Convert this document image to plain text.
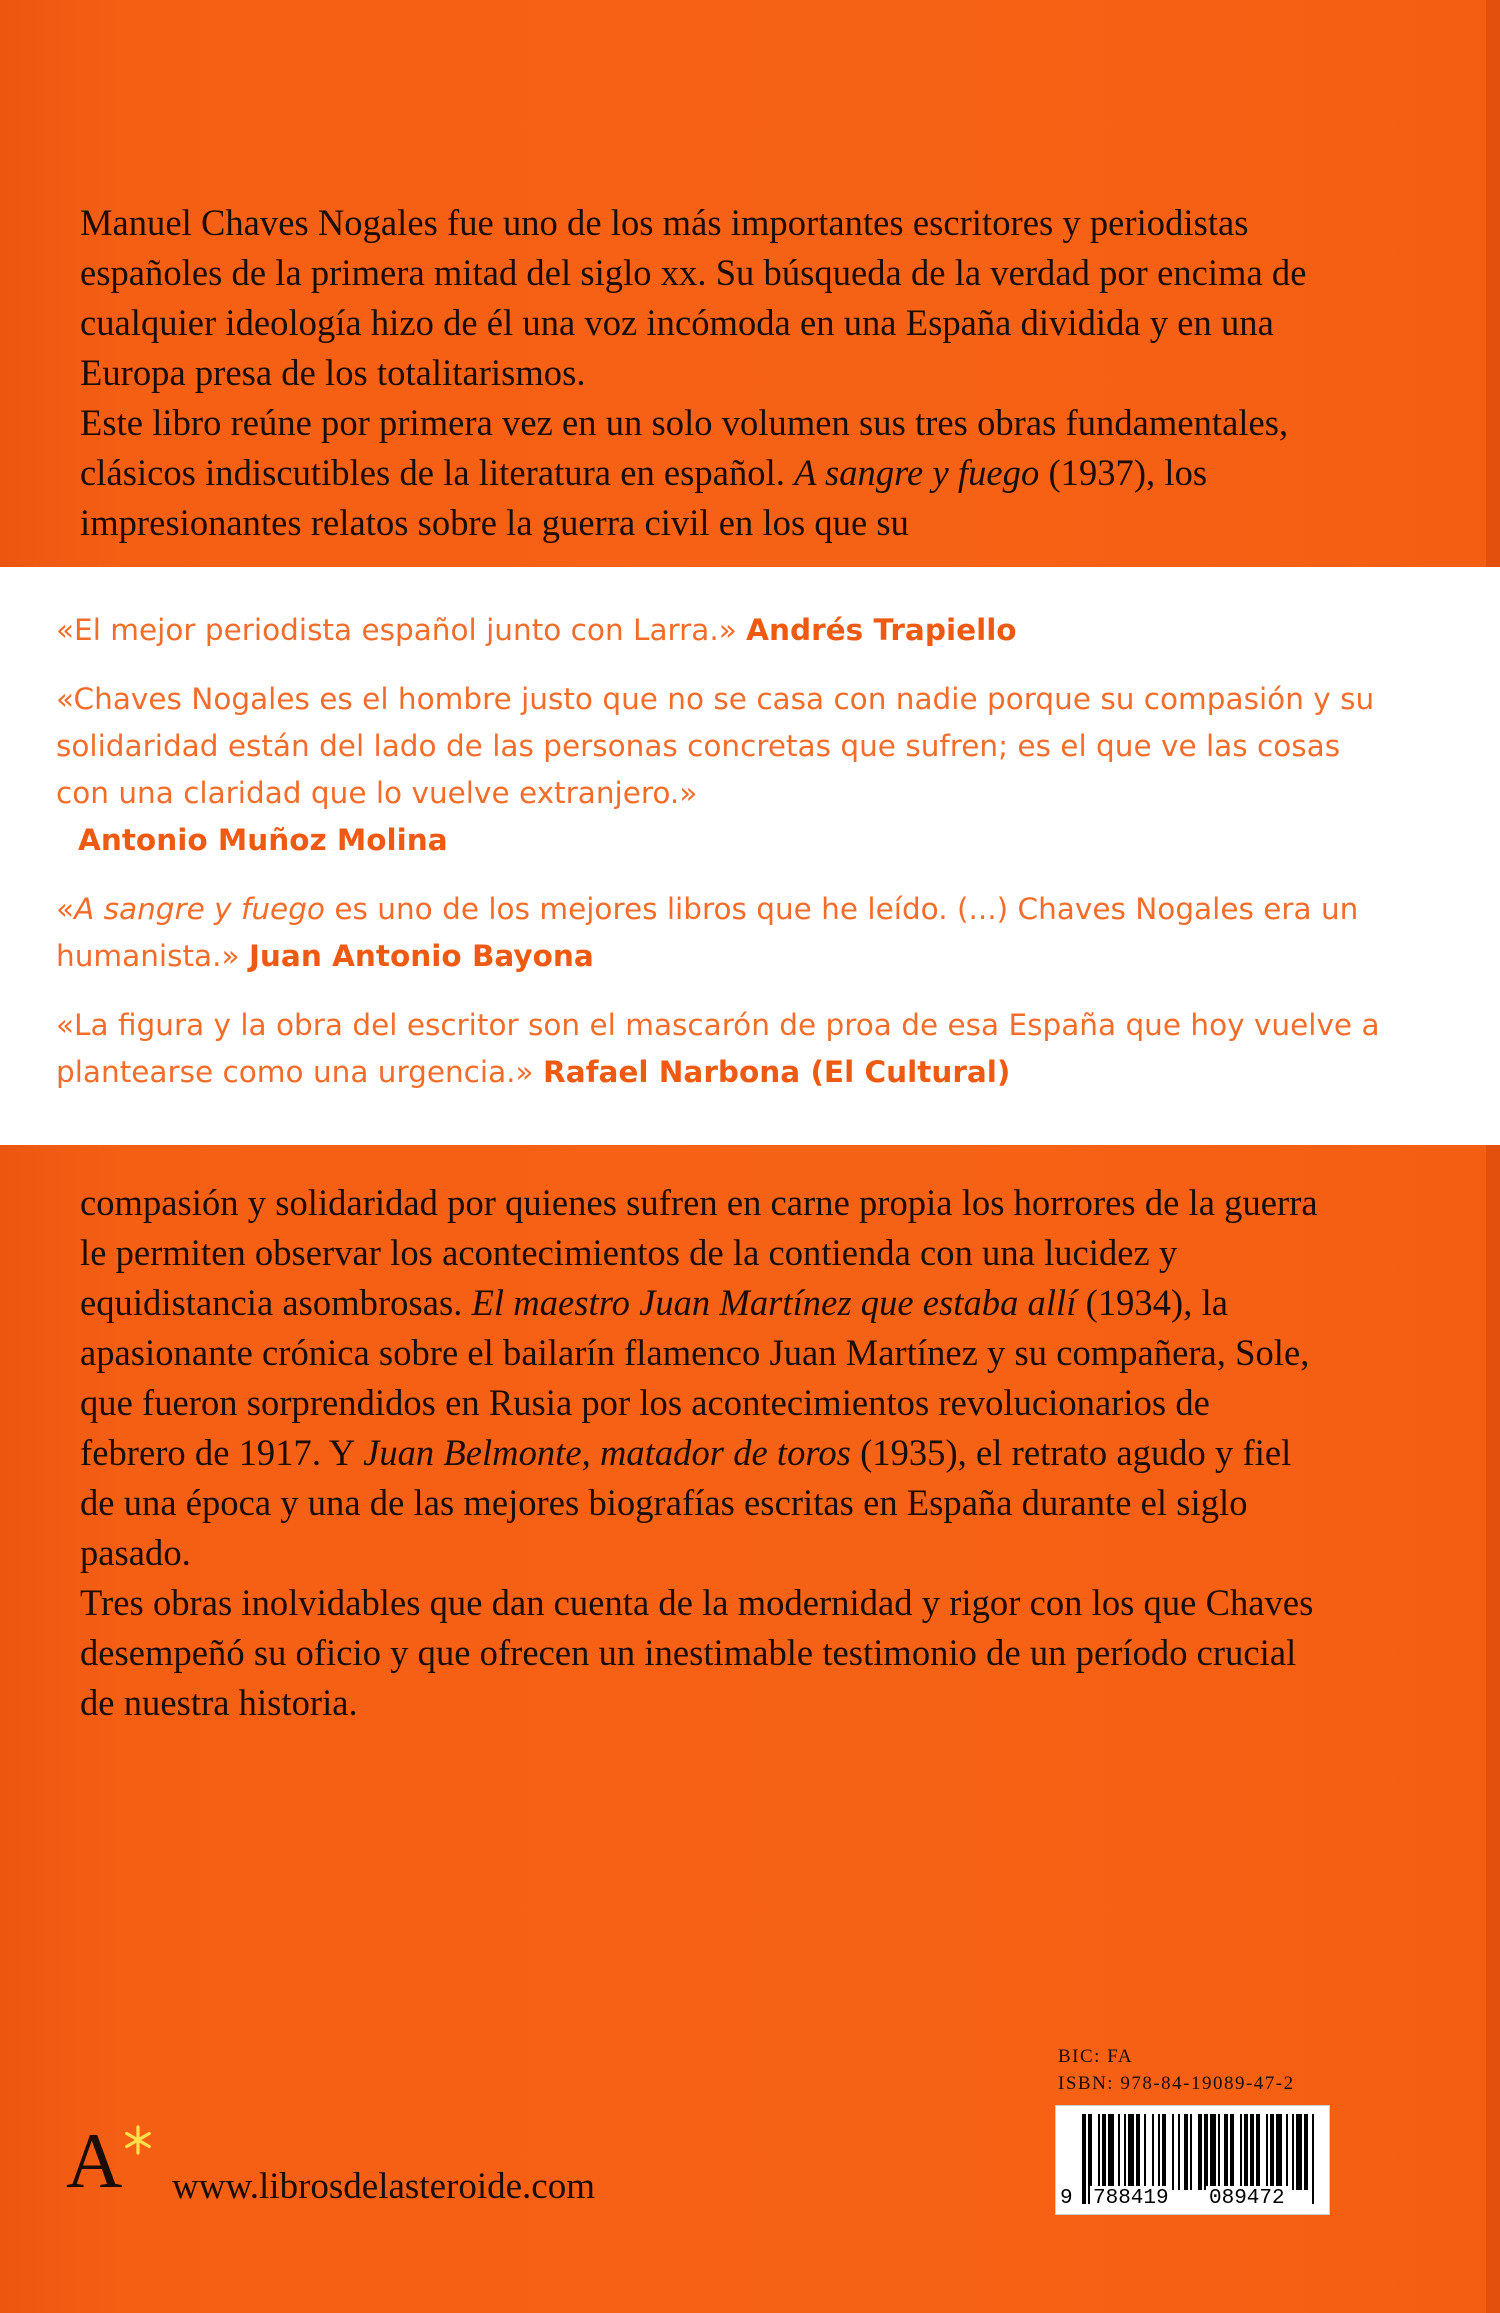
Manuel Chaves Nogales fue uno de los más importantes escritores y periodistas españoles de la primera mitad del siglo xx. Su búsqueda de la verdad por encima de cualquier ideología hizo de él una voz incómoda en una España dividida y en una Europa presa de los totalitarismos.

Este libro reúne por primera vez en un solo volumen sus tres obras fundamentales, clásicos indiscutibles de la literatura en español. A sangre y fuego (1937), los impresionantes relatos sobre la guerra civil en los que su

«El mejor periodista español junto con Larra.» Andrés Trapiello

«Chaves Nogales es el hombre justo que no se casa con nadie porque su compasión y su solidaridad están del lado de las personas concretas que sufren; es el que ve las cosas con una claridad que lo vuelve extranjero.»
Antonio Muñoz Molina

«A sangre y fuego es uno de los mejores libros que he leído. (...) Chaves Nogales era un humanista.» Juan Antonio Bayona

«La figura y la obra del escritor son el mascarón de proa de esa España que hoy vuelve a plantearse como una urgencia.» Rafael Narbona (El Cultural)

compasión y solidaridad por quienes sufren en carne propia los horrores de la guerra le permiten observar los acontecimientos de la contienda con una lucidez y equidistancia asombrosas. El maestro Juan Martínez que estaba allí (1934), la apasionante crónica sobre el bailarín flamenco Juan Martínez y su compañera, Sole, que fueron sorprendidos en Rusia por los acontecimientos revolucionarios de febrero de 1917. Y Juan Belmonte, matador de toros (1935), el retrato agudo y fiel de una época y una de las mejores biografías escritas en España durante el siglo pasado.

Tres obras inolvidables que dan cuenta de la modernidad y rigor con los que Chaves desempeñó su oficio y que ofrecen un inestimable testimonio de un período crucial de nuestra historia.

A www.librosdelasteroide.com
BIC: FA
ISBN: 978-84-19089-47-2
9 788419 089472
